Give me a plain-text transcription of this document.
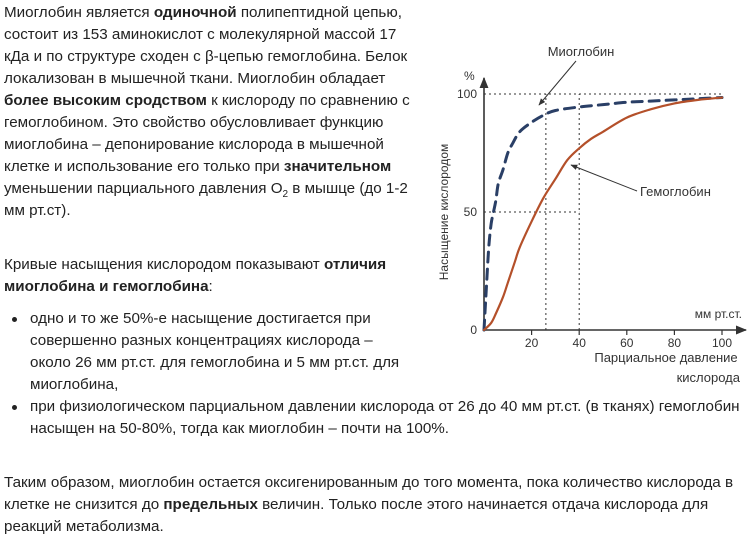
Миоглобин является одиночной полипептидной цепью, состоит из 153 аминокислот с молекулярной массой 17 кДа и по структуре сходен с β-цепью гемоглобина. Белок локализован в мышечной ткани. Миоглобин обладает более высоким сродством к кислороду по сравнению с гемоглобином. Это свойство обусловливает функцию миоглобина – депонирование кислорода в мышечной клетке и использование его только при значительном уменьшении парциального давления $O_2$ в мышце (до 1-2 мм рт.ст).
Кривые насыщения кислородом показывают отличия миоглобина и гемоглобина:
одно и то же 50%-е насыщение достигается при совершенно разных концентрациях кислорода – около 26 мм рт.ст. для гемоглобина и 5 мм рт.ст. для миоглобина,
при физиологическом парциальном давлении кислорода от 26 до 40 мм рт.ст. (в тканях) гемоглобин насыщен на 50-80%, тогда как миоглобин – почти на 100%.
Таким образом, миоглобин остается оксигенированным до того момента, пока количество кислорода в клетке не снизится до предельных величин. Только после этого начинается отдача кислорода для реакций метаболизма.
20	40	60	80	100
100
50
0
%
мм рт.ст.
Насыщение кислородом
Парциальное давление
кислорода
Миоглобин
Гемоглобин
